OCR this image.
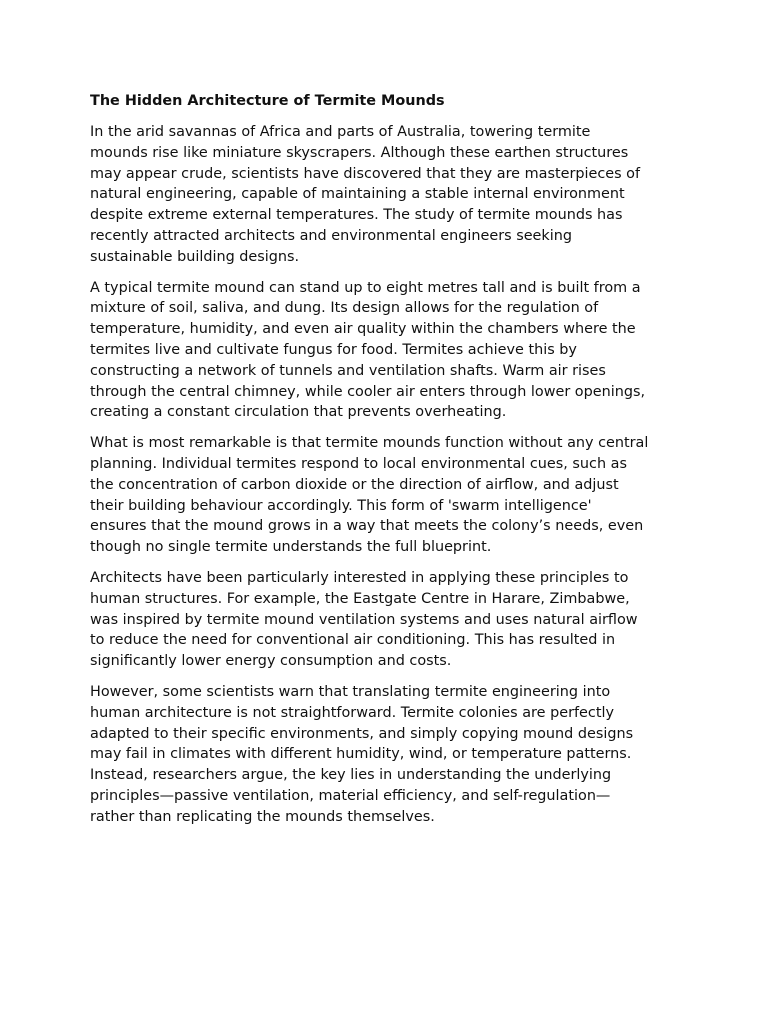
The Hidden Architecture of Termite Mounds

In the arid savannas of Africa and parts of Australia, towering termite
mounds rise like miniature skyscrapers. Although these earthen structures
may appear crude, scientists have discovered that they are masterpieces of
natural engineering, capable of maintaining a stable internal environment
despite extreme external temperatures. The study of termite mounds has
recently attracted architects and environmental engineers seeking
sustainable building designs.

A typical termite mound can stand up to eight metres tall and is built from a
mixture of soil, saliva, and dung. Its design allows for the regulation of
temperature, humidity, and even air quality within the chambers where the
termites live and cultivate fungus for food. Termites achieve this by
constructing a network of tunnels and ventilation shafts. Warm air rises
through the central chimney, while cooler air enters through lower openings,
creating a constant circulation that prevents overheating.

What is most remarkable is that termite mounds function without any central
planning. Individual termites respond to local environmental cues, such as
the concentration of carbon dioxide or the direction of airflow, and adjust
their building behaviour accordingly. This form of 'swarm intelligence'
ensures that the mound grows in a way that meets the colony’s needs, even
though no single termite understands the full blueprint.

Architects have been particularly interested in applying these principles to
human structures. For example, the Eastgate Centre in Harare, Zimbabwe,
was inspired by termite mound ventilation systems and uses natural airflow
to reduce the need for conventional air conditioning. This has resulted in
significantly lower energy consumption and costs.

However, some scientists warn that translating termite engineering into
human architecture is not straightforward. Termite colonies are perfectly
adapted to their specific environments, and simply copying mound designs
may fail in climates with different humidity, wind, or temperature patterns.
Instead, researchers argue, the key lies in understanding the underlying
principles—passive ventilation, material efficiency, and self-regulation—
rather than replicating the mounds themselves.
